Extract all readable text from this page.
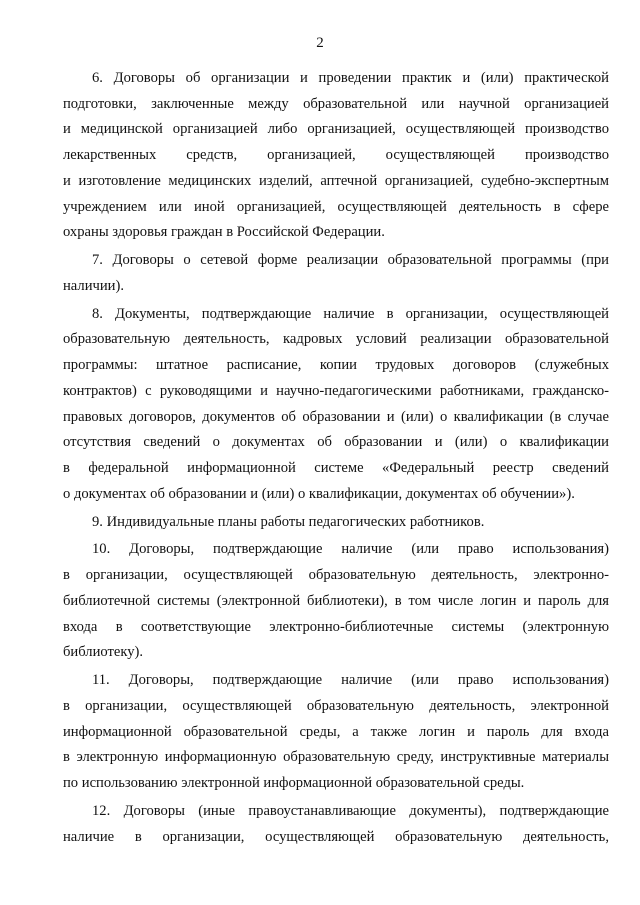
2
6. Договоры об организации и проведении практик и (или) практической
подготовки, заключенные между образовательной или научной организацией
и медицинской организацией либо организацией, осуществляющей производство
лекарственных средств, организацией, осуществляющей производство
и изготовление медицинских изделий, аптечной организацией, судебно-экспертным
учреждением или иной организацией, осуществляющей деятельность в сфере
охраны здоровья граждан в Российской Федерации.
7. Договоры о сетевой форме реализации образовательной программы (при
наличии).
8. Документы, подтверждающие наличие в организации, осуществляющей
образовательную деятельность, кадровых условий реализации образовательной
программы: штатное расписание, копии трудовых договоров (служебных
контрактов) с руководящими и научно-педагогическими работниками, гражданско-
правовых договоров, документов об образовании и (или) о квалификации (в случае
отсутствия сведений о документах об образовании и (или) о квалификации
в федеральной информационной системе «Федеральный реестр сведений
о документах об образовании и (или) о квалификации, документах об обучении»).
9. Индивидуальные планы работы педагогических работников.
10. Договоры, подтверждающие наличие (или право использования)
в организации, осуществляющей образовательную деятельность, электронно-
библиотечной системы (электронной библиотеки), в том числе логин и пароль для
входа в соответствующие электронно-библиотечные системы (электронную
библиотеку).
11. Договоры, подтверждающие наличие (или право использования)
в организации, осуществляющей образовательную деятельность, электронной
информационной образовательной среды, а также логин и пароль для входа
в электронную информационную образовательную среду, инструктивные материалы
по использованию электронной информационной образовательной среды.
12. Договоры (иные правоустанавливающие документы), подтверждающие
наличие в организации, осуществляющей образовательную деятельность,
